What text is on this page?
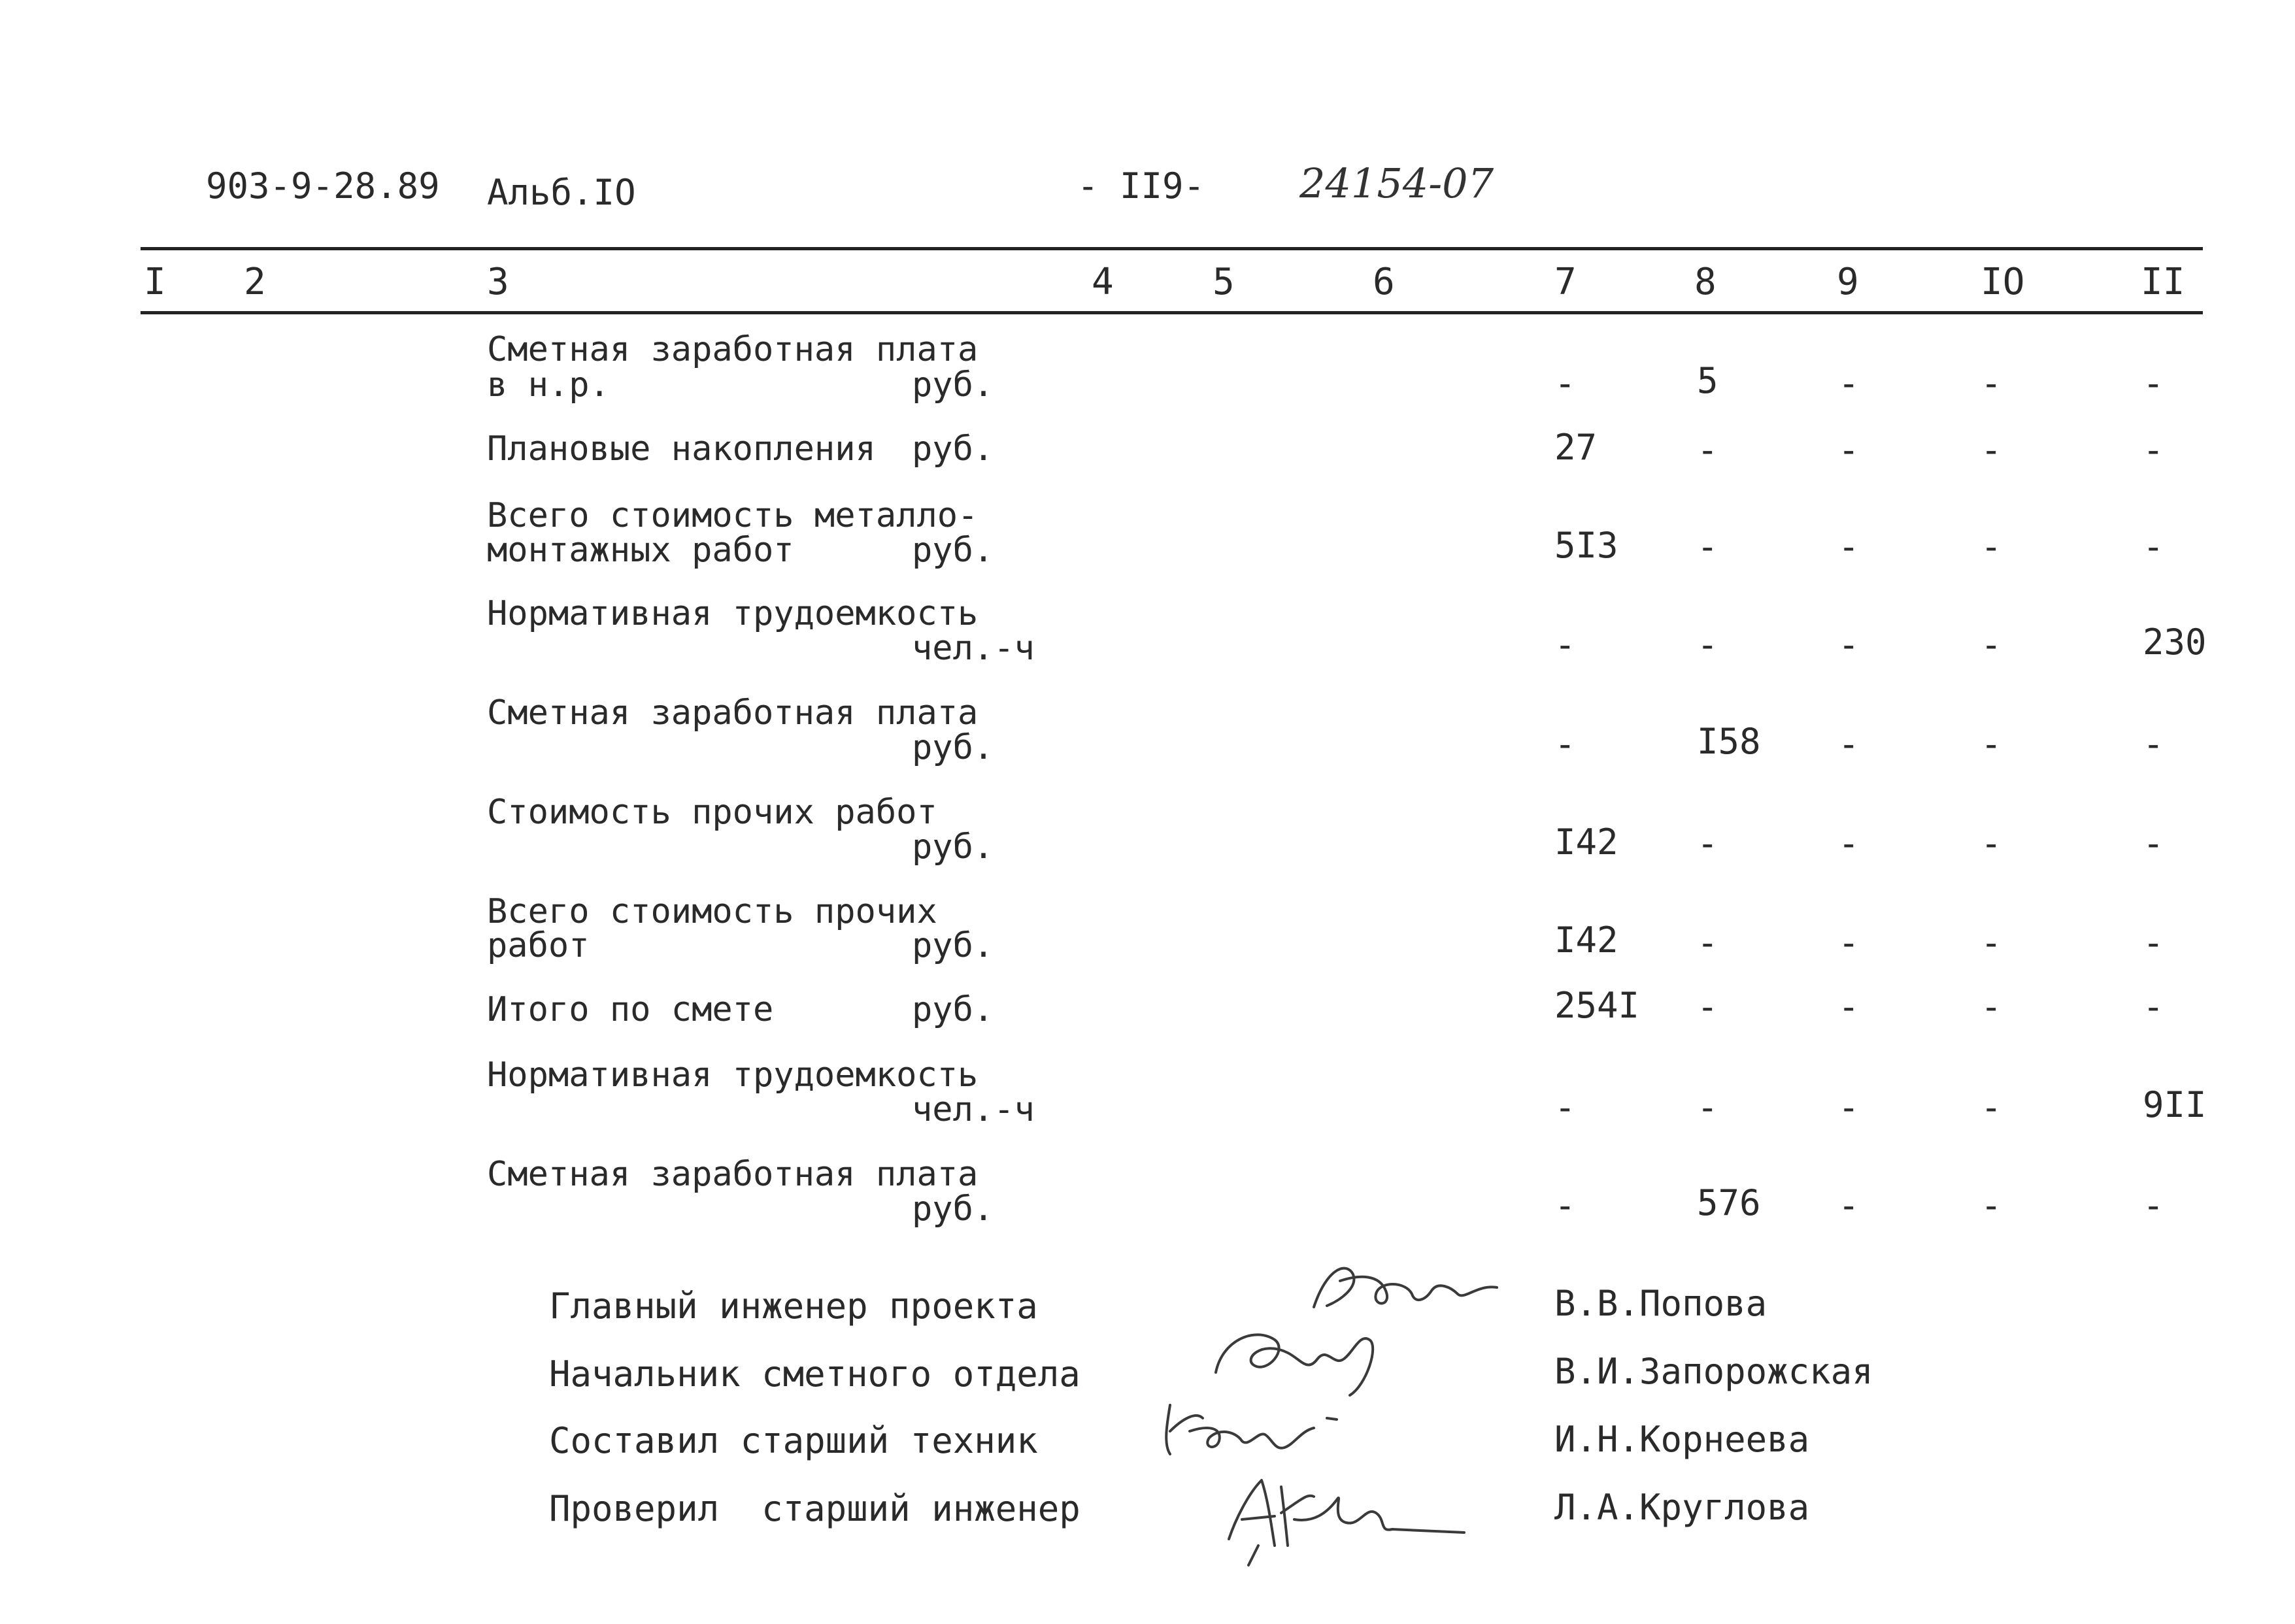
903-9-28.89 Альб.IO	- II9- 24154-07
I 2	3	4	5	6	7	8	9	IO	II
Сметная заработная плата
в н.р.	руб.	-	5	-	-	-
Плановые накопления руб.	27	-	-	-	-
Всего стоимость металло-
монтажных работ	руб.	5I3 -	-	-	-
Нормативная трудоемкость
чел.-ч	-	-	-	-	230
Сметная заработная плата
руб.	-	I58 -	-	-
Стоимость прочих работ
руб.	I42 -	-	-	-
Всего стоимость прочих
работ	руб.	I42 -	-	-	-
Итого по смете	руб.	254I -	-	-	-
Нормативная трудоемкость
чел.-ч	-	-	-	-	9II
Сметная заработная плата
руб.	-	576 -	-	-
Главный инженер проекта	В.В.Попова
Начальник сметного отдела	В.И.Запорожская
Составил старший техник	И.Н.Корнеева
Проверил  старший инженер	Л.А.Круглова
